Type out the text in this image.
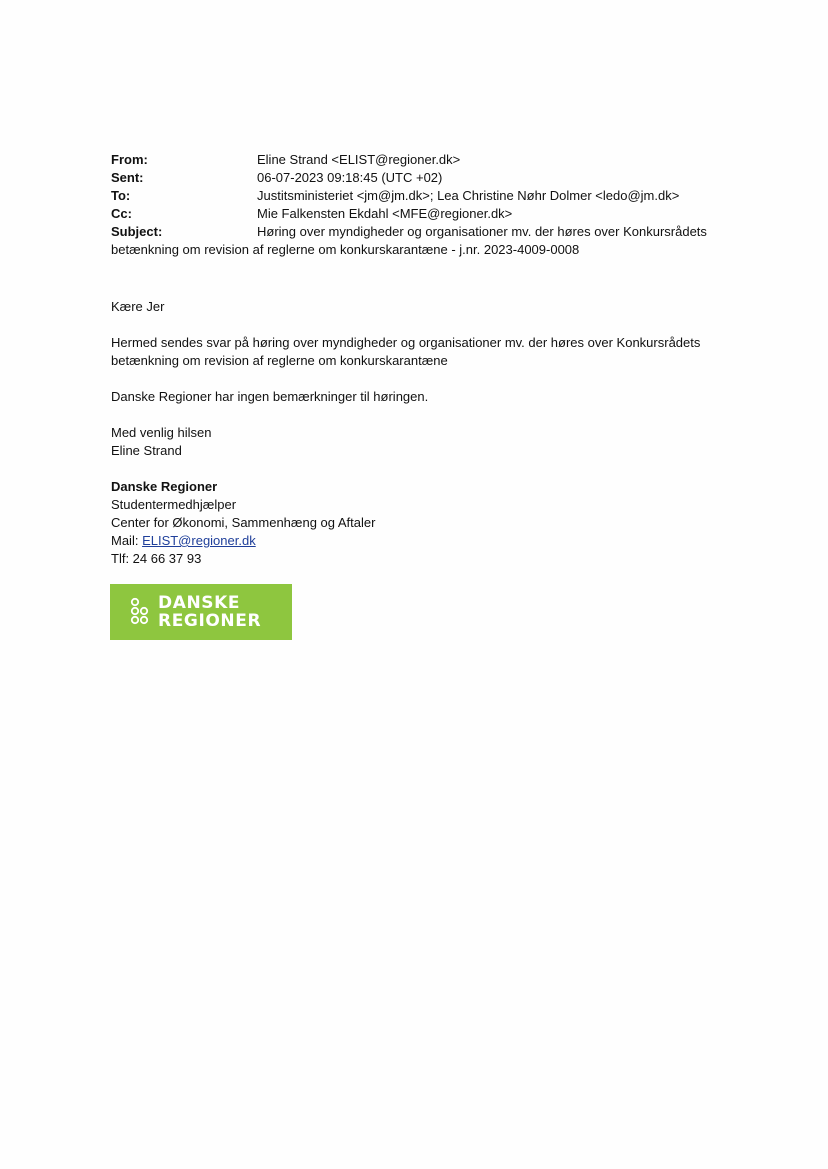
From:	Eline Strand <ELIST@regioner.dk>
Sent:	06-07-2023 09:18:45 (UTC +02)
To:	Justitsministeriet <jm@jm.dk>; Lea Christine Nøhr Dolmer <ledo@jm.dk>
Cc:	Mie Falkensten Ekdahl <MFE@regioner.dk>
Subject:	Høring over myndigheder og organisationer mv. der høres over Konkursrådets
betænkning om revision af reglerne om konkurskarantæne - j.nr. 2023-4009-0008

Kære Jer

Hermed sendes svar på høring over myndigheder og organisationer mv. der høres over Konkursrådets
betænkning om revision af reglerne om konkurskarantæne

Danske Regioner har ingen bemærkninger til høringen.

Med venlig hilsen
Eline Strand

Danske Regioner
Studentermedhjælper
Center for Økonomi, Sammenhæng og Aftaler
Mail: ELIST@regioner.dk
Tlf: 24 66 37 93
DANSKE
REGIONER
